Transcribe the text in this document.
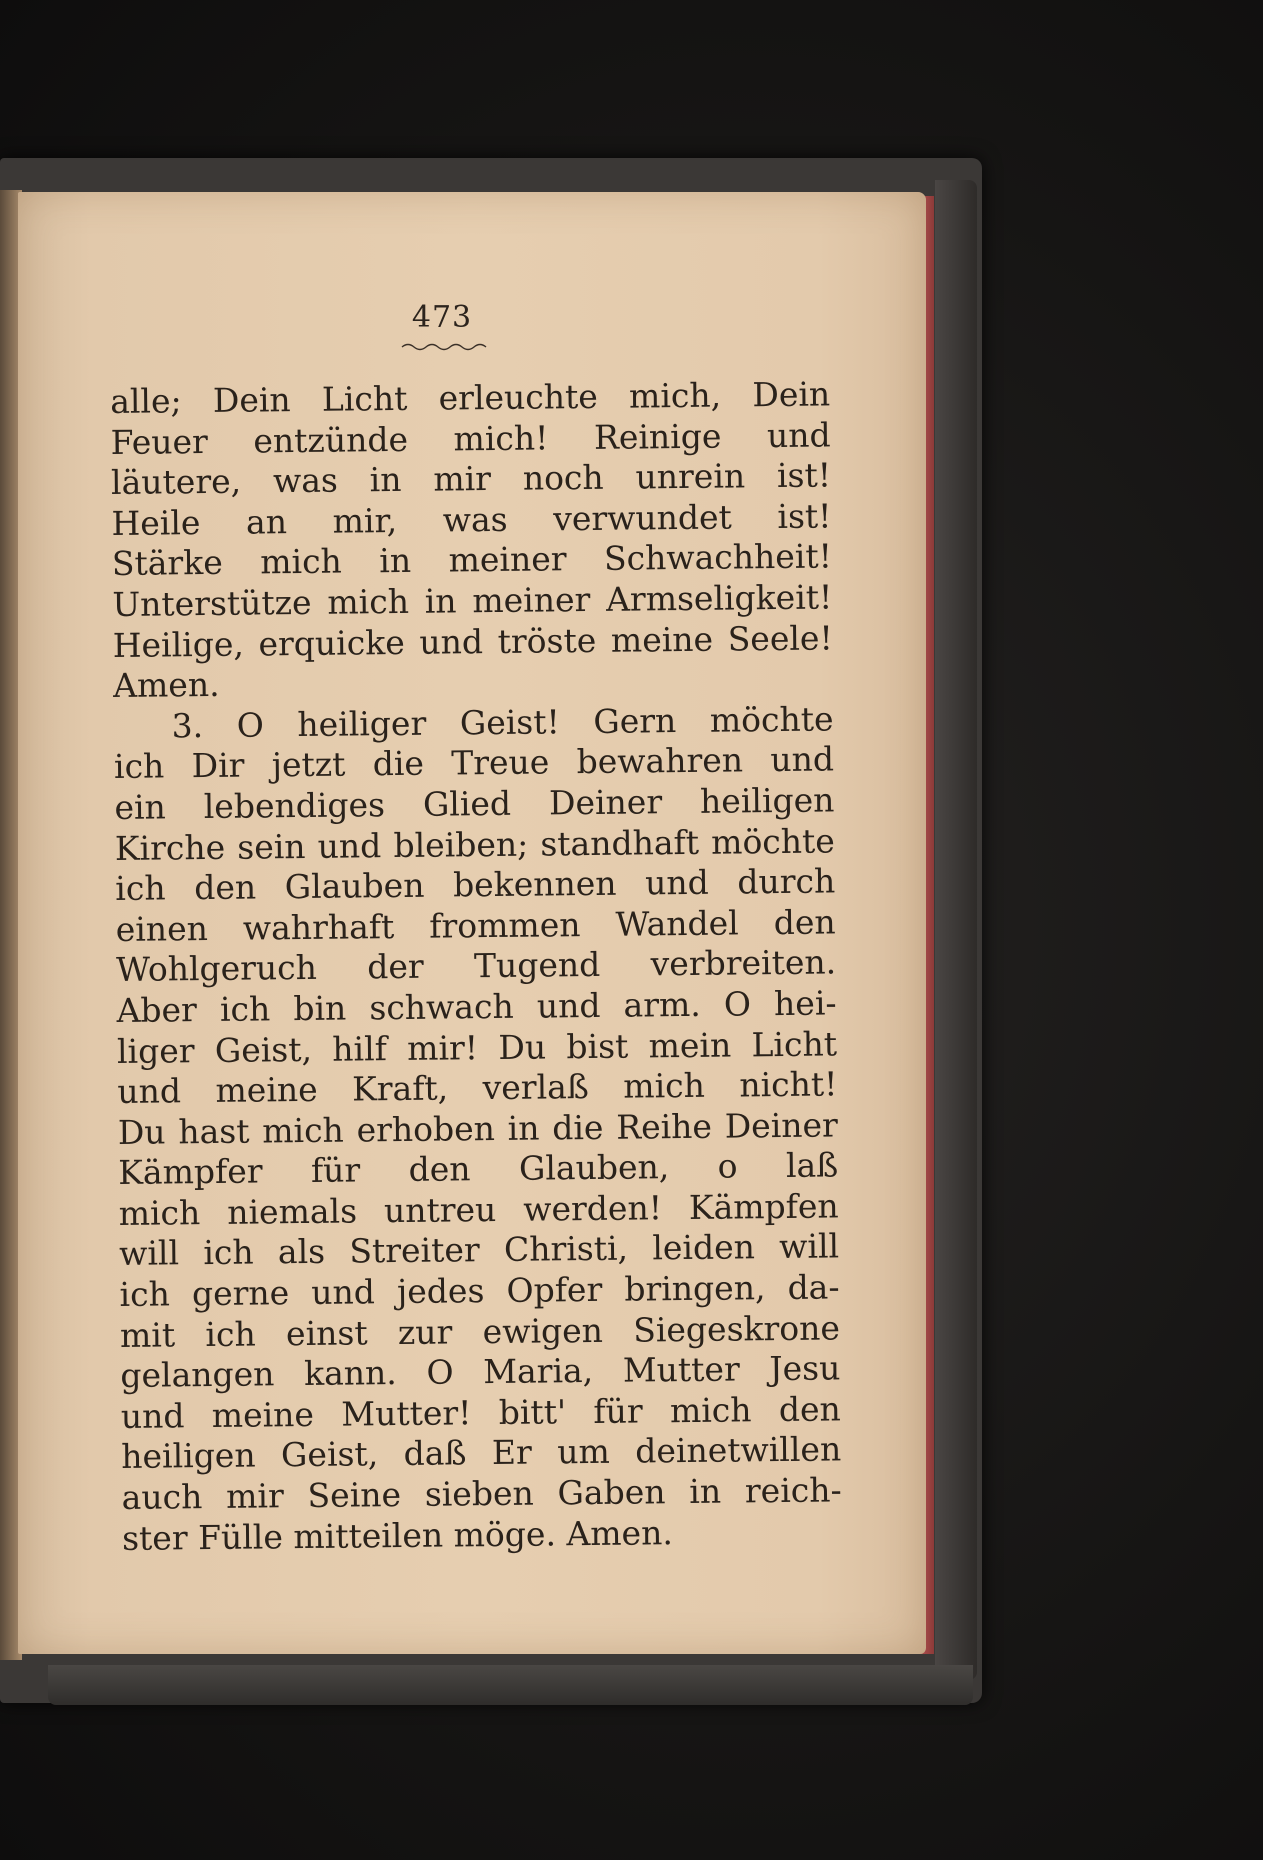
473
alle; Dein Licht erleuchte mich, Dein
Feuer entzünde mich! Reinige und
läutere, was in mir noch unrein ist!
Heile an mir, was verwundet ist!
Stärke mich in meiner Schwachheit!
Unterstütze mich in meiner Armseligkeit!
Heilige, erquicke und tröste meine Seele!
Amen.
3. O heiliger Geist! Gern möchte
ich Dir jetzt die Treue bewahren und
ein lebendiges Glied Deiner heiligen
Kirche sein und bleiben; standhaft möchte
ich den Glauben bekennen und durch
einen wahrhaft frommen Wandel den
Wohlgeruch der Tugend verbreiten.
Aber ich bin schwach und arm. O hei-
liger Geist, hilf mir! Du bist mein Licht
und meine Kraft, verlaß mich nicht!
Du hast mich erhoben in die Reihe Deiner
Kämpfer für den Glauben, o laß
mich niemals untreu werden! Kämpfen
will ich als Streiter Christi, leiden will
ich gerne und jedes Opfer bringen, da-
mit ich einst zur ewigen Siegeskrone
gelangen kann. O Maria, Mutter Jesu
und meine Mutter! bitt' für mich den
heiligen Geist, daß Er um deinetwillen
auch mir Seine sieben Gaben in reich-
ster Fülle mitteilen möge. Amen.
